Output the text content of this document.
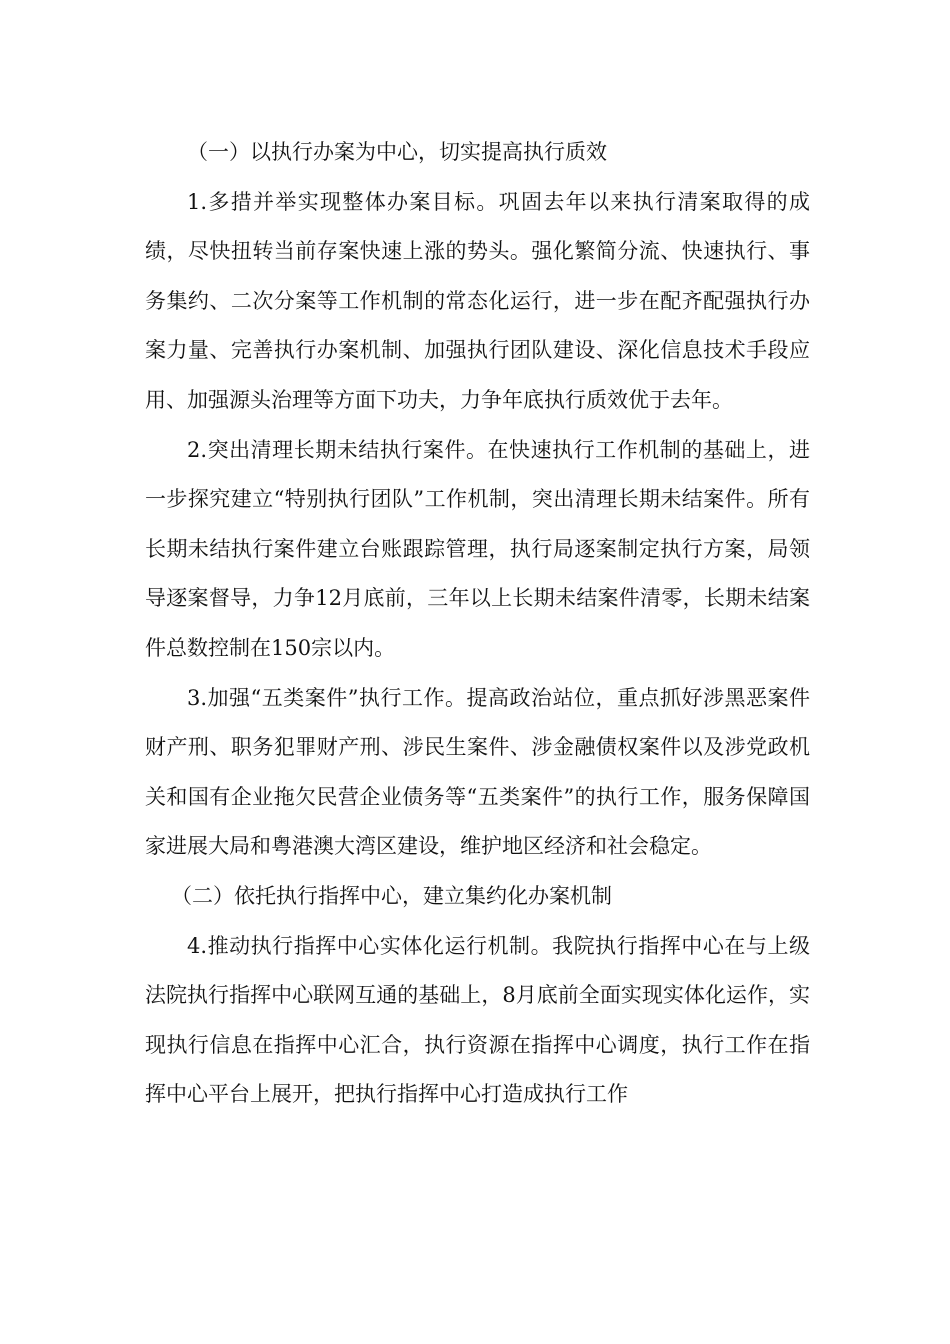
（一）以执行办案为中心，切实提高执行质效

1.多措并举实现整体办案目标。巩固去年以来执行清案取得的成绩，尽快扭转当前存案快速上涨的势头。强化繁简分流、快速执行、事务集约、二次分案等工作机制的常态化运行，进一步在配齐配强执行办案力量、完善执行办案机制、加强执行团队建设、深化信息技术手段应用、加强源头治理等方面下功夫，力争年底执行质效优于去年。

2.突出清理长期未结执行案件。在快速执行工作机制的基础上，进一步探究建立“特别执行团队”工作机制，突出清理长期未结案件。所有长期未结执行案件建立台账跟踪管理，执行局逐案制定执行方案，局领导逐案督导，力争12月底前，三年以上长期未结案件清零，长期未结案件总数控制在150宗以内。

3.加强“五类案件”执行工作。提高政治站位，重点抓好涉黑恶案件财产刑、职务犯罪财产刑、涉民生案件、涉金融债权案件以及涉党政机关和国有企业拖欠民营企业债务等“五类案件”的执行工作，服务保障国家进展大局和粤港澳大湾区建设，维护地区经济和社会稳定。

（二）依托执行指挥中心，建立集约化办案机制

4.推动执行指挥中心实体化运行机制。我院执行指挥中心在与上级法院执行指挥中心联网互通的基础上，8月底前全面实现实体化运作，实现执行信息在指挥中心汇合，执行资源在指挥中心调度，执行工作在指挥中心平台上展开，把执行指挥中心打造成执行工作
